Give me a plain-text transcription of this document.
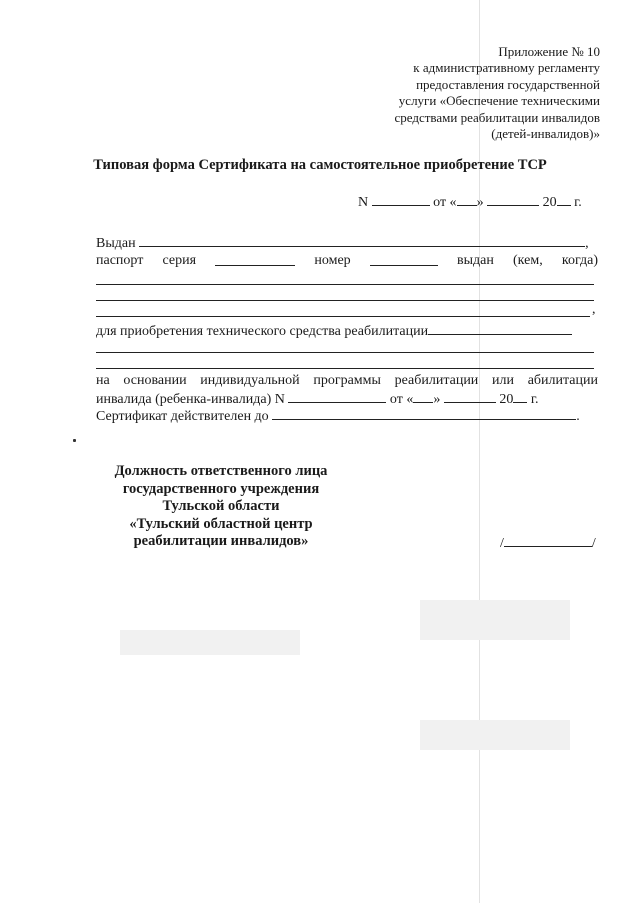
Приложение № 10
к административному регламенту
предоставления государственной
услуги «Обеспечение техническими
средствами реабилитации инвалидов
(детей-инвалидов)»
Типовая форма Сертификата на самостоятельное приобретение ТСР
N	от « »	20 г.
Выдан	,
паспорт серия	номер	выдан (кем, когда)
,
для приобретения технического средства реабилитации
на основании индивидуальной программы реабилитации или абилитации
инвалида (ребенка-инвалида) N	от « »	20 г.
Сертификат действителен до	.
Должность ответственного лица
государственного учреждения
Тульской области
«Тульский областной центр
реабилитации инвалидов»	/	/
